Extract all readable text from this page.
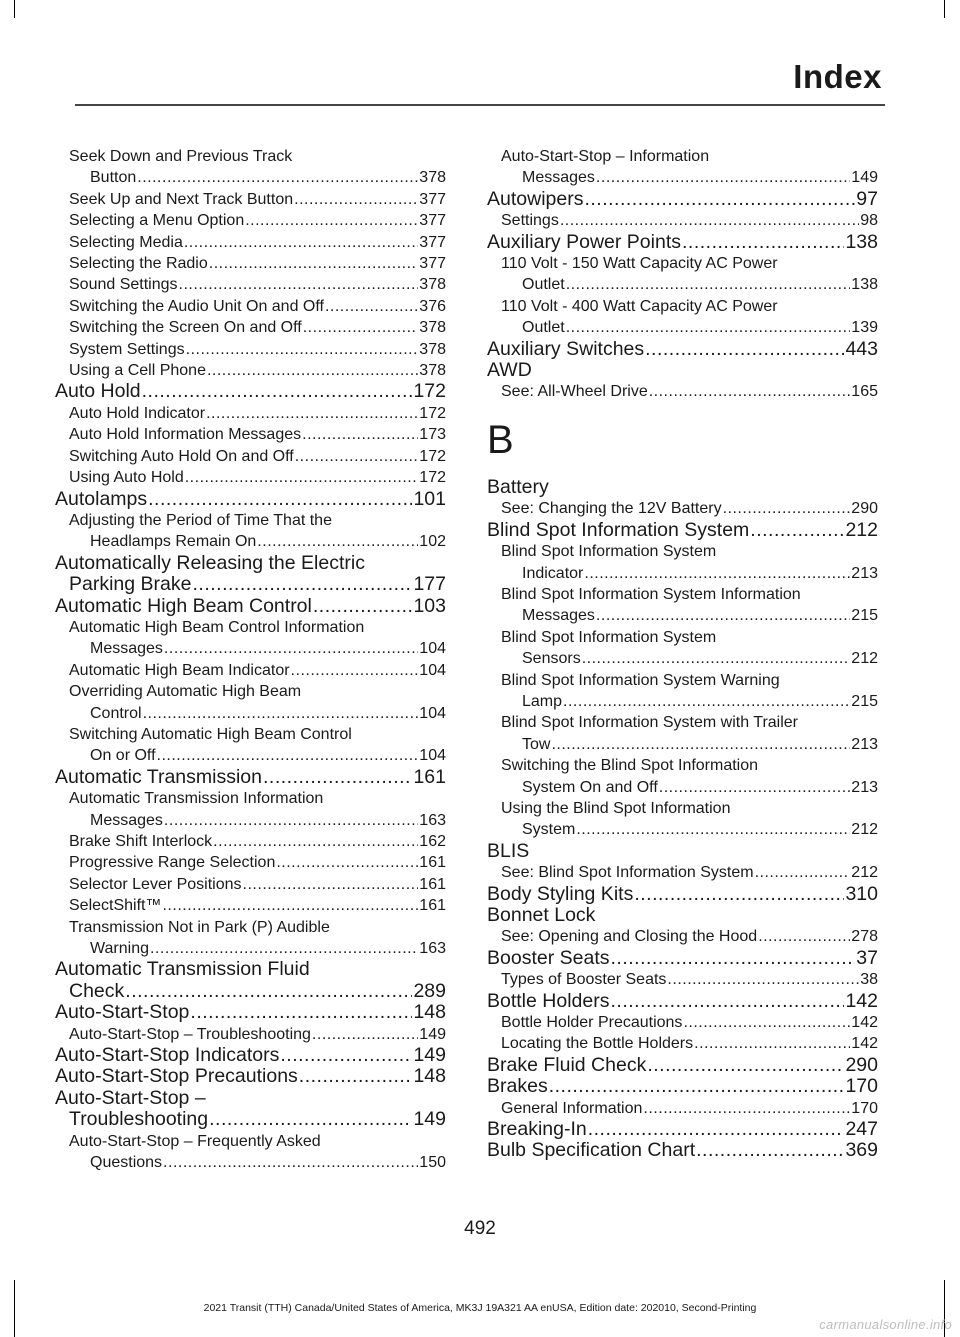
Index
Seek Down and Previous Track
Button .....	378
Seek Up and Next Track Button .....	377
Selecting a Menu Option .....	377
Selecting Media .....	377
Selecting the Radio .....	377
Sound Settings .....	378
Switching the Audio Unit On and Off .....	376
Switching the Screen On and Off .....	378
System Settings .....	378
Using a Cell Phone .....	378
Auto Hold .....	172
Auto Hold Indicator .....	172
Auto Hold Information Messages .....	173
Switching Auto Hold On and Off .....	172
Using Auto Hold .....	172
Autolamps .....	101
Adjusting the Period of Time That the
Headlamps Remain On .....	102
Automatically Releasing the Electric
Parking Brake .....	177
Automatic High Beam Control .....	103
Automatic High Beam Control Information
Messages .....	104
Automatic High Beam Indicator .....	104
Overriding Automatic High Beam
Control .....	104
Switching Automatic High Beam Control
On or Off .....	104
Automatic Transmission .....	161
Automatic Transmission Information
Messages .....	163
Brake Shift Interlock .....	162
Progressive Range Selection .....	161
Selector Lever Positions .....	161
SelectShift™ .....	161
Transmission Not in Park (P) Audible
Warning .....	163
Automatic Transmission Fluid
Check .....	289
Auto-Start-Stop .....	148
Auto-Start-Stop – Troubleshooting .....	149
Auto-Start-Stop Indicators .....	149
Auto-Start-Stop Precautions .....	148
Auto-Start-Stop –
Troubleshooting .....	149
Auto-Start-Stop – Frequently Asked
Questions .....	150
Auto-Start-Stop – Information
Messages .....	149
Autowipers .....	97
Settings .....	98
Auxiliary Power Points .....	138
110 Volt - 150 Watt Capacity AC Power
Outlet .....	138
110 Volt - 400 Watt Capacity AC Power
Outlet .....	139
Auxiliary Switches .....	443
AWD
See: All-Wheel Drive .....	165
B
Battery
See: Changing the 12V Battery .....	290
Blind Spot Information System .....	212
Blind Spot Information System
Indicator .....	213
Blind Spot Information System Information
Messages .....	215
Blind Spot Information System
Sensors .....	212
Blind Spot Information System Warning
Lamp .....	215
Blind Spot Information System with Trailer
Tow .....	213
Switching the Blind Spot Information
System On and Off .....	213
Using the Blind Spot Information
System .....	212
BLIS
See: Blind Spot Information System .....	212
Body Styling Kits .....	310
Bonnet Lock
See: Opening and Closing the Hood .....	278
Booster Seats .....	37
Types of Booster Seats .....	38
Bottle Holders .....	142
Bottle Holder Precautions .....	142
Locating the Bottle Holders .....	142
Brake Fluid Check .....	290
Brakes .....	170
General Information .....	170
Breaking-In .....	247
Bulb Specification Chart .....	369
492
2021 Transit (TTH) Canada/United States of America, MK3J 19A321 AA enUSA, Edition date: 202010, Second-Printing
carmanualsonline.info
